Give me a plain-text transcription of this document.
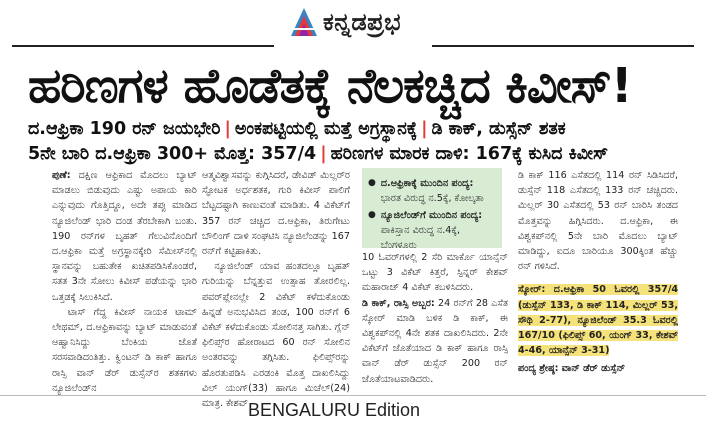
ಕನ್ನಡಪ್ರಭ
ಹರಿಣಗಳ ಹೊಡೆತಕ್ಕೆ ನೆಲಕಚ್ಚಿದ ಕಿವೀಸ್!
ದ.ಆಫ್ರಿಕಾ 190 ರನ್ ಜಯಭೇರಿ | ಅಂಕಪಟ್ಟಿಯಲ್ಲಿ ಮತ್ತೆ ಅಗ್ರಸ್ಥಾನಕ್ಕೆ | ಡಿ ಕಾಕ್, ಡುಸ್ಸೆನ್ ಶತಕ
5ನೇ ಬಾರಿ ದ.ಆಫ್ರಿಕಾ 300+ ಮೊತ್ತ: 357/4 | ಹರಿಣಗಳ ಮಾರಕ ದಾಳಿ: 167ಕ್ಕೆ ಕುಸಿದ ಕಿವೀಸ್

ಪುಣೆ: ದಕ್ಷಿಣ ಆಫ್ರಿಕಾದ ಮೊದಲು ಬ್ಯಾಟ್ ಮಾಡಲು ಬಿಡುವುದು ಎಷ್ಟು ಅಪಾಯ ಕಾರಿ ಎನ್ನುವುದು ಗೊತ್ತಿದ್ದೂ, ಅದೇ ತಪ್ಪು ಮಾಡಿದ ನ್ಯೂಜಿಲೆಂಡ್ ಭಾರಿ ದಂಡ ತೆರಬೇಕಾಗಿ ಬಂತು. 190 ರನ್‌ಗಳ ಬೃಹತ್ ಗೆಲುವಿನೊಂದಿಗೆ ದ.ಆಫ್ರಿಕಾ ಮತ್ತೆ ಅಗ್ರಸ್ಥಾನಕ್ಕೇರಿ ಸೆಮೀಸ್‌ನಲ್ಲಿ ಸ್ಥಾನವನ್ನು ಬಹುತೇಕ ಖಚಿತಪಡಿಸಿಕೊಂಡರೆ, ಸತತ 3ನೇ ಸೋಲು ಕಿವೀಸ್ ಪಡೆಯನ್ನು ಭಾರಿ ಒತ್ತಡಕ್ಕೆ ಸಿಲುಕಿಸಿದೆ.

ಟಾಸ್ ಗೆದ್ದ ಕಿವೀಸ್ ನಾಯಕ ಟಾಮ್ ಲೇಥಮ್, ದ.ಆಫ್ರಿಕಾವನ್ನು ಬ್ಯಾಟ್ ಮಾಡುವಂತೆ ಆಹ್ವಾನಿಸಿದ್ದು ಬೆಂಕಿಯ ಜೊತೆ ಸರಸವಾಡಿದಂತಿತ್ತು. ಕ್ವಿಂಟನ್ ಡಿ ಕಾಕ್ ಹಾಗೂ ರಾಸ್ಸಿ ವಾನ್ ಡೆರ್ ಡುಸ್ಸೆನ್‌ರ ಶತಕಗಳು ನ್ಯೂಜಿಲೆಂಡ್‌ನ

ಆತ್ಮವಿಶ್ವಾಸವನ್ನು ಕುಗ್ಗಿಸಿದರೆ, ಡೇವಿಡ್ ಮಿಲ್ಲರ್‌ರ ಸ್ಫೋಟಕ ಅರ್ಧಶತಕ, ಗುರಿ ಕಿವೀಸ್ ಪಾಲಿಗೆ ಬೆಟ್ಟದಷ್ಟಾಗಿ ಕಾಣುವಂತೆ ಮಾಡಿತು. 4 ವಿಕೆಟ್‌ಗೆ 357 ರನ್ ಚಚ್ಚಿದ ದ.ಆಫ್ರಿಕಾ, ತಿರುಗೇಟು ಬೌಲಿಂಗ್ ದಾಳಿ ಸಂಘಟಿಸಿ ನ್ಯೂಜಿಲೆಂಡನ್ನು 167 ರನ್‌ಗೆ ಕಟ್ಟಿಹಾಕಿತು.

ನ್ಯೂಜಿಲೆಂಡ್ ಯಾವ ಹಂತದಲ್ಲೂ ಬೃಹತ್ ಗುರಿಯನ್ನು ಬೆನ್ನತ್ತುವ ಉತ್ಸಾಹ ತೋರಲಿಲ್ಲ. ಪವರ್‌ಪ್ಲೇನಲ್ಲೇ 2 ವಿಕೆಟ್ ಕಳೆದುಕೊಂಡು ಹಿನ್ನಡೆ ಅನುಭವಿಸಿದ ತಂಡ, 100 ರನ್‌ಗೆ 6 ವಿಕೆಟ್ ಕಳೆದುಕೊಂಡು ಸೋಲಿನತ್ತ ಸಾಗಿತು. ಗ್ಲೆನ್ ಫಿಲಿಪ್ಸ್‌ರ ಹೋರಾಟದ 60 ರನ್ ಸೋಲಿನ ಅಂತರವನ್ನು ತಗ್ಗಿಸಿತು. ಫಿಲಿಪ್ಸ್‌ರನ್ನು ಹೊರತುಪಡಿಸಿ ಎರಡಂಕಿ ಮೊತ್ತ ದಾಖಲಿಸಿದ್ದು ವಿಲ್ ಯಂಗ್(33) ಹಾಗೂ ಮಿಚೆಲ್(24) ಮಾತ್ರ. ಕೇಶವ್

● ದ.ಆಫ್ರಿಕಾಕ್ಕೆ ಮುಂದಿನ ಪಂದ್ಯ: ಭಾರತ ವಿರುದ್ಧ ನ.5ಕ್ಕೆ, ಕೋಲ್ಕತಾ
● ನ್ಯೂಜಿಲೆಂಡ್‌ಗೆ ಮುಂದಿನ ಪಂದ್ಯ: ಪಾಕಿಸ್ತಾನ ವಿರುದ್ಧ ನ.4ಕ್ಕೆ, ಬೆಂಗಳೂರು

10 ಓವರ್‌ಗಳಲ್ಲಿ 2 ಸೆರಿ ಮಾರ್ಕೊ ಯಾನ್ಸೆನ್ ಒಟ್ಟು 3 ವಿಕೆಟ್ ಕಿತ್ತರೆ, ಸ್ಪಿನ್ನರ್ ಕೇಶವ್ ಮಹಾರಾಜ್ 4 ವಿಕೆಟ್ ಕಬಳಿಸಿದರು.

ಡಿ ಕಾಕ್, ರಾಸ್ಸಿ ಅಬ್ಬರ: 24 ರನ್‌ಗೆ 28 ಎಸೆತ ಸ್ಕೋರ್ ಮಾಡಿ ಬಳಿಕ ಡಿ ಕಾಕ್, ಈ ವಿಶ್ವಕಪ್‌ನಲ್ಲಿ 4ನೇ ಶತಕ ದಾಖಲಿಸಿದರು. 2ನೇ ವಿಕೆಟ್‌ಗೆ ಜೊತೆಯಾದ ಡಿ ಕಾಕ್ ಹಾಗೂ ರಾಸ್ಸಿ ವಾನ್ ಡೆರ್ ಡುಸ್ಸೆನ್ 200 ರನ್ ಜೊತೆಯಾಟವಾಡಿದರು.

ಡಿ ಕಾಕ್ 116 ಎಸೆತದಲ್ಲಿ 114 ರನ್ ಸಿಡಿಸಿದರೆ, ಡುಸ್ಸೆನ್ 118 ಎಸೆತದಲ್ಲಿ 133 ರನ್ ಚಚ್ಚಿದರು. ಮಿಲ್ಲರ್ 30 ಎಸೆತದಲ್ಲಿ 53 ರನ್ ಬಾರಿಸಿ ತಂಡದ ಮೊತ್ತವನ್ನು ಹಿಗ್ಗಿಸಿದರು. ದ.ಆಫ್ರಿಕಾ, ಈ ವಿಶ್ವಕಪ್‌ನಲ್ಲಿ 5ನೇ ಬಾರಿ ಮೊದಲು ಬ್ಯಾಟ್ ಮಾಡಿದ್ದು, ಐದೂ ಬಾರಿಯೂ 300ಕ್ಕಿಂತ ಹೆಚ್ಚು ರನ್ ಗಳಿಸಿದೆ.

ಸ್ಕೋರ್: ದ.ಆಫ್ರಿಕಾ 50 ಓವರಲ್ಲಿ 357/4 (ಡುಸ್ಸೆನ್ 133, ಡಿ ಕಾಕ್ 114, ಮಿಲ್ಲರ್ 53, ಸೌಥಿ 2-77), ನ್ಯೂಜಿಲೆಂಡ್ 35.3 ಓವರಲ್ಲಿ 167/10 (ಫಿಲಿಪ್ಸ್ 60, ಯಂಗ್ 33, ಕೇಶವ್ 4-46, ಯಾನ್ಸೆನ್ 3-31)

ಪಂದ್ಯ ಶ್ರೇಷ್ಠ: ವಾನ್ ಡೆರ್ ಡುಸ್ಸೆನ್

BENGALURU Edition
